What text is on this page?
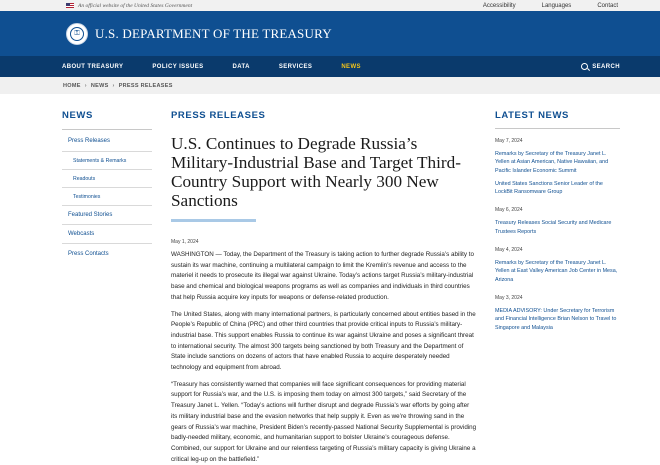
An official website of the United States Government	Accessibility	Languages	Contact
⚿	U.S. DEPARTMENT OF THE TREASURY
ABOUT TREASURY	POLICY ISSUES	DATA	SERVICES	NEWS	SEARCH
HOME › NEWS › PRESS RELEASES
NEWS
Press Releases
Statements & Remarks
Readouts
Testimonies
Featured Stories
Webcasts
Press Contacts
PRESS RELEASES
U.S. Continues to Degrade Russia’s Military-Industrial Base and Target Third-Country Support with Nearly 300 New Sanctions
May 1, 2024

WASHINGTON — Today, the Department of the Treasury is taking action to further degrade Russia’s ability to sustain its war machine, continuing a multilateral campaign to limit the Kremlin’s revenue and access to the materiel it needs to prosecute its illegal war against Ukraine. Today’s actions target Russia’s military-industrial base and chemical and biological weapons programs as well as companies and individuals in third countries that help Russia acquire key inputs for weapons or defense-related production.

The United States, along with many international partners, is particularly concerned about entities based in the People’s Republic of China (PRC) and other third countries that provide critical inputs to Russia’s military-industrial base. This support enables Russia to continue its war against Ukraine and poses a significant threat to international security. The almost 300 targets being sanctioned by both Treasury and the Department of State include sanctions on dozens of actors that have enabled Russia to acquire desperately needed technology and equipment from abroad.

“Treasury has consistently warned that companies will face significant consequences for providing material support for Russia’s war, and the U.S. is imposing them today on almost 300 targets,” said Secretary of the Treasury Janet L. Yellen. “Today’s actions will further disrupt and degrade Russia’s war efforts by going after its military industrial base and the evasion networks that help supply it. Even as we’re throwing sand in the gears of Russia’s war machine, President Biden’s recently-passed National Security Supplemental is providing badly-needed military, economic, and humanitarian support to bolster Ukraine’s courageous defense. Combined, our support for Ukraine and our relentless targeting of Russia’s military capacity is giving Ukraine a critical leg-up on the battlefield.”

LATEST NEWS
May 7, 2024
Remarks by Secretary of the Treasury Janet L. Yellen at Asian American, Native Hawaiian, and Pacific Islander Economic Summit
United States Sanctions Senior Leader of the LockBit Ransomware Group
May 6, 2024
Treasury Releases Social Security and Medicare Trustees Reports
May 4, 2024
Remarks by Secretary of the Treasury Janet L. Yellen at East Valley American Job Center in Mesa, Arizona
May 3, 2024
MEDIA ADVISORY: Under Secretary for Terrorism and Financial Intelligence Brian Nelson to Travel to Singapore and Malaysia
